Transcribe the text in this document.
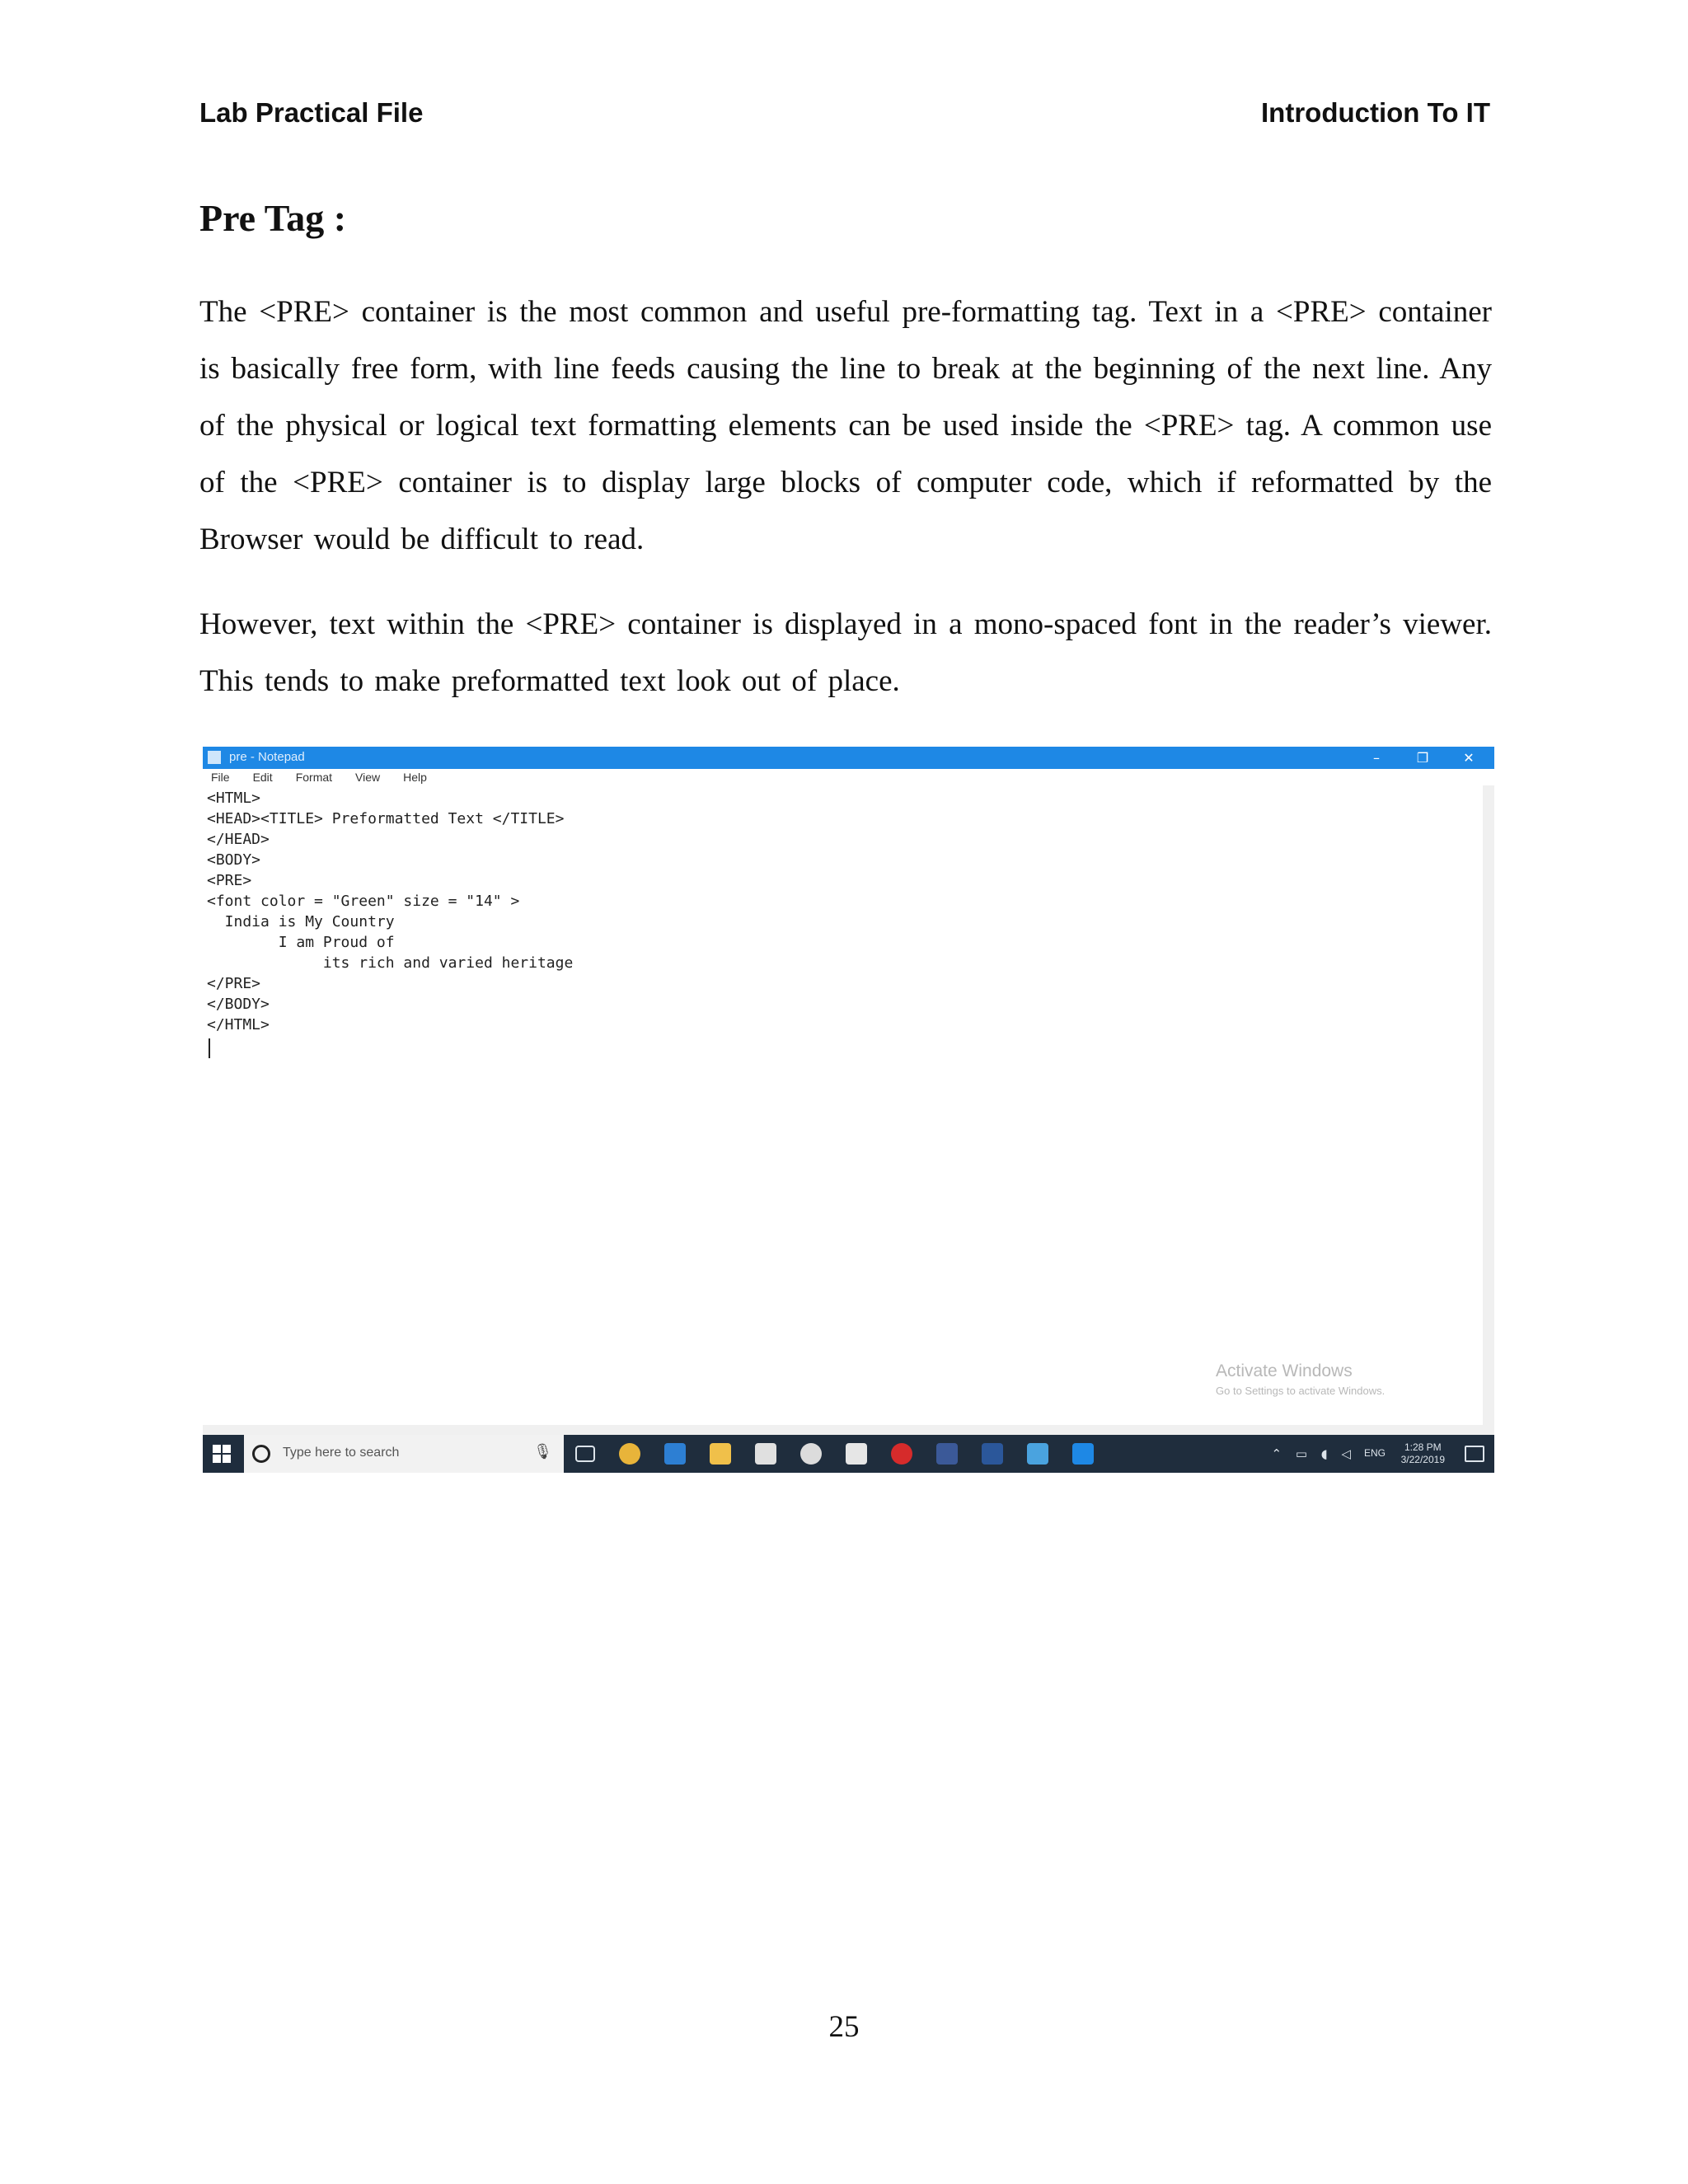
Lab Practical File	Introduction To IT
Pre Tag :

The <PRE> container is the most common and useful pre-formatting tag. Text in a <PRE> container is basically free form, with line feeds causing the line to break at the beginning of the next line. Any of the physical or logical text formatting elements can be used inside the <PRE> tag. A common use of the <PRE> container is to display large blocks of computer code, which if reformatted by the Browser would be difficult to read.

However, text within the <PRE> container is displayed in a mono-spaced font in the reader’s viewer. This tends to make preformatted text look out of place.

pre - Notepad	–	❐	✕
File Edit Format View Help
<HTML>
<HEAD><TITLE> Preformatted Text </TITLE>
</HEAD>
<BODY>
<PRE>
<font color = "Green" size = "14" >
India is My Country
I am Proud of
its rich and varied heritage
</PRE>
</BODY>
</HTML>
Activate Windows
Go to Settings to activate Windows.
Type here to search	🎙	⌃ ▭ ◖ ◁ ENG	1:28 PM
3/22/2019

25
